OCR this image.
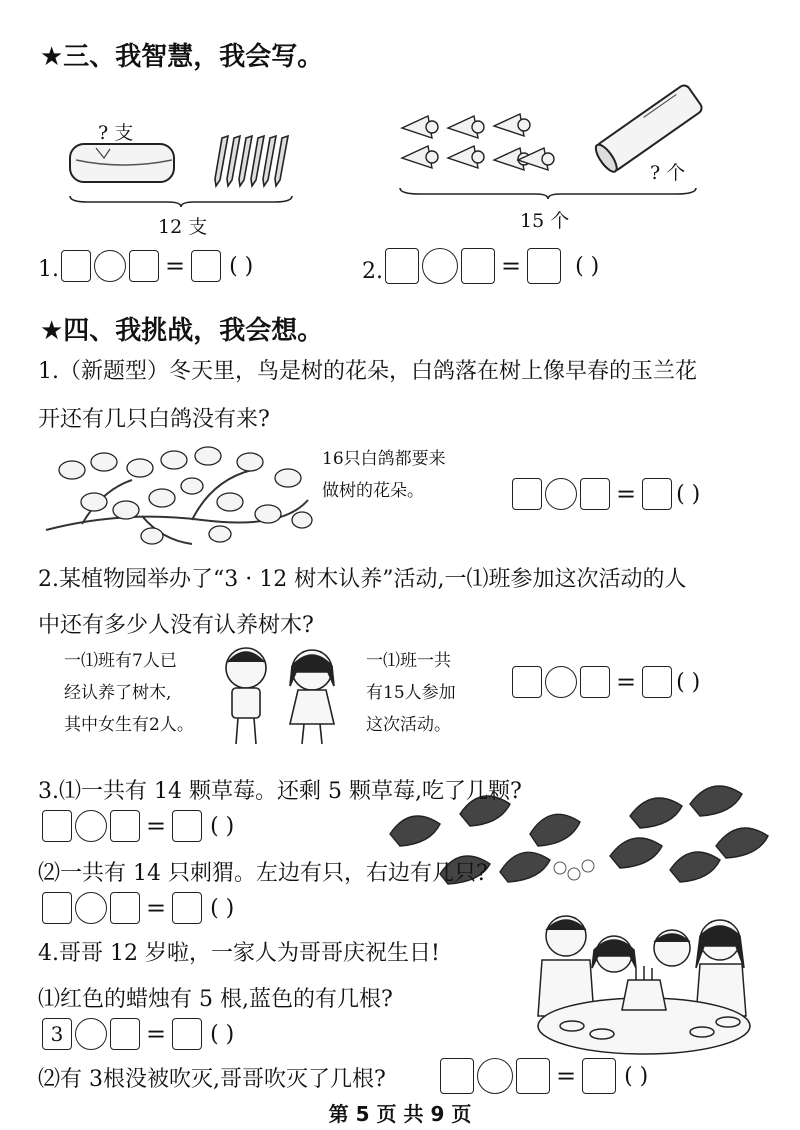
★三、我智慧，我会写。
? 支
12 支
? 个
15 个
1.	= ( )	2.	= ( )
★四、我挑战，我会想。
1.（新题型）冬天里，鸟是树的花朵，白鸽落在树上像早春的玉兰花
开还有几只白鸽没有来?
16只白鸽都要来
做树的花朵。	= ( )
2.某植物园举办了“3 · 12 树木认养”活动,一⑴班参加这次活动的人
中还有多少人没有认养树木?
一⑴班有7人已
经认养了树木,
其中女生有2人。
一⑴班一共
有15人参加
这次活动。
= ( )
3.⑴一共有 14 颗草莓。还剩 5 颗草莓,吃了几颗?
= ( )
⑵一共有 14 只刺猬。左边有只，右边有几只?
= ( )
4.哥哥 12 岁啦，一家人为哥哥庆祝生日!
⑴红色的蜡烛有 5 根,蓝色的有几根?
3	= ( )
⑵有 3根没被吹灭,哥哥吹灭了几根?	= ( )
第 5 页 共 9 页
